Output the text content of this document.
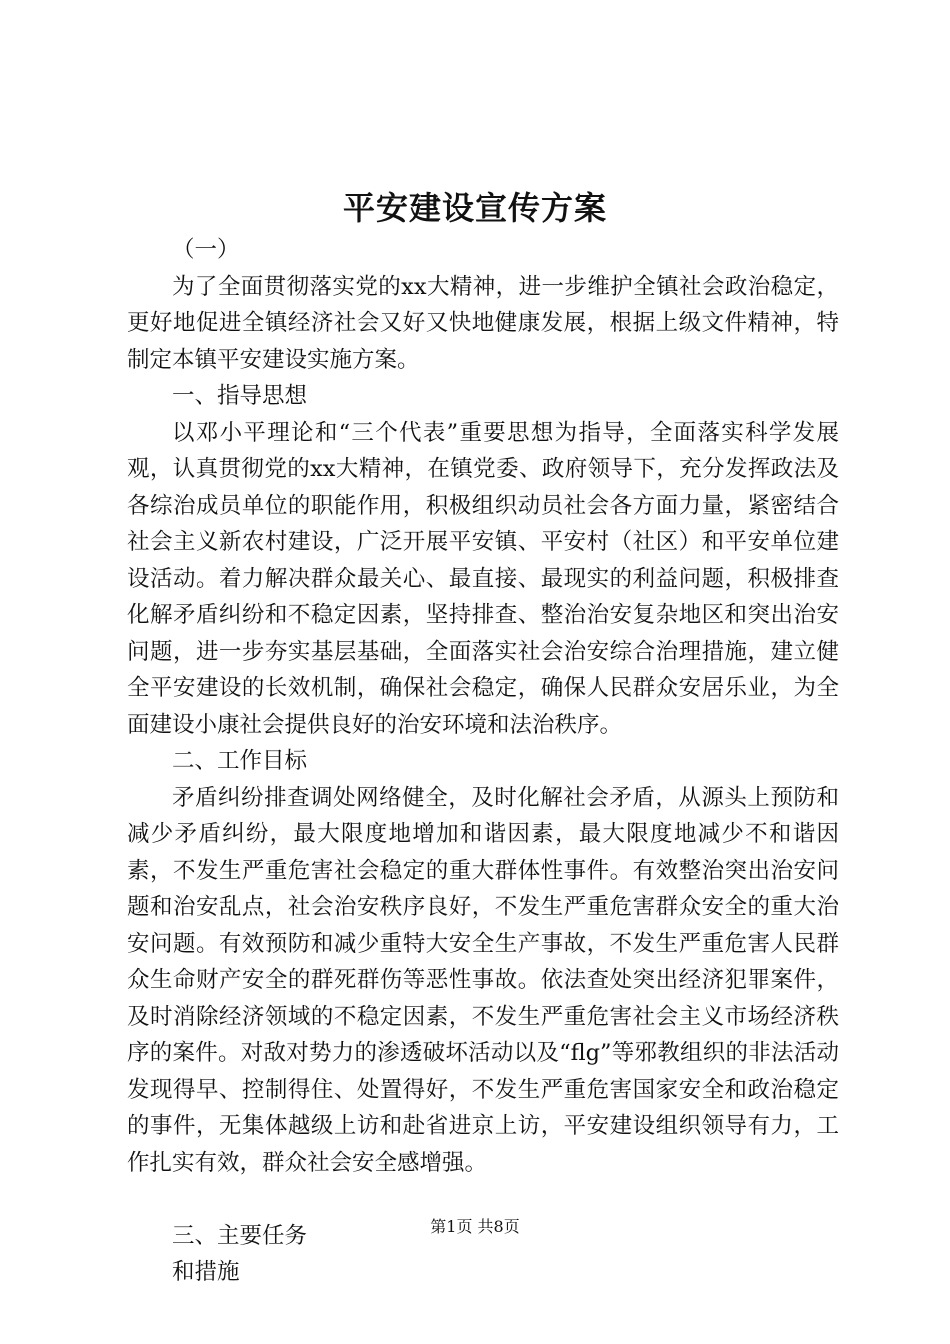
平安建设宣传方案

（一）

为了全面贯彻落实党的xx大精神，进一步维护全镇社会政治稳定，更好地促进全镇经济社会又好又快地健康发展，根据上级文件精神，特制定本镇平安建设实施方案。

一、指导思想

以邓小平理论和“三个代表”重要思想为指导，全面落实科学发展观，认真贯彻党的xx大精神，在镇党委、政府领导下，充分发挥政法及各综治成员单位的职能作用，积极组织动员社会各方面力量，紧密结合社会主义新农村建设，广泛开展平安镇、平安村（社区）和平安单位建设活动。着力解决群众最关心、最直接、最现实的利益问题，积极排查化解矛盾纠纷和不稳定因素，坚持排查、整治治安复杂地区和突出治安问题，进一步夯实基层基础，全面落实社会治安综合治理措施，建立健全平安建设的长效机制，确保社会稳定，确保人民群众安居乐业，为全面建设小康社会提供良好的治安环境和法治秩序。

二、工作目标

矛盾纠纷排查调处网络健全，及时化解社会矛盾，从源头上预防和减少矛盾纠纷，最大限度地增加和谐因素，最大限度地减少不和谐因素，不发生严重危害社会稳定的重大群体性事件。有效整治突出治安问题和治安乱点，社会治安秩序良好，不发生严重危害群众安全的重大治安问题。有效预防和减少重特大安全生产事故，不发生严重危害人民群众生命财产安全的群死群伤等恶性事故。依法查处突出经济犯罪案件，及时消除经济领域的不稳定因素，不发生严重危害社会主义市场经济秩序的案件。对敌对势力的渗透破坏活动以及“flg”等邪教组织的非法活动发现得早、控制得住、处置得好，不发生严重危害国家安全和政治稳定的事件，无集体越级上访和赴省进京上访，平安建设组织领导有力，工作扎实有效，群众社会安全感增强。

三、主要任务

和措施

第1页 共8页
